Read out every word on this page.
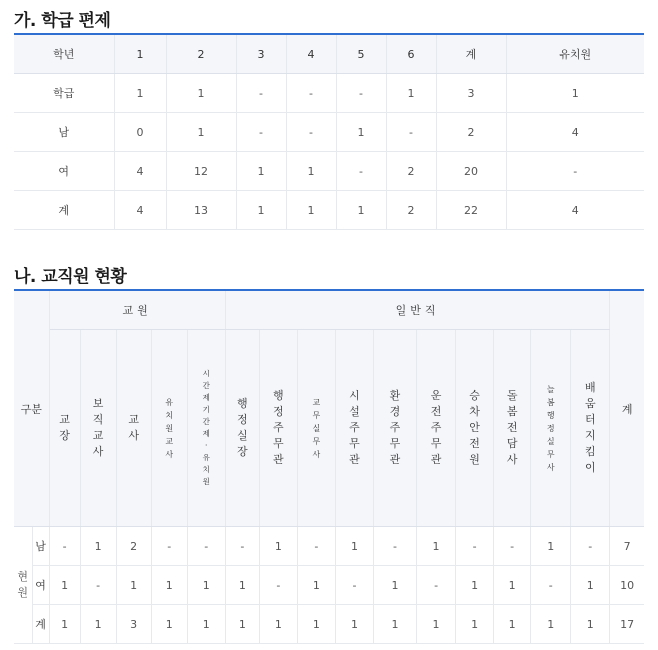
가. 학급 편제
학년	1	2	3	4	5	6	계	유치원
학급	1	1	-	-	-	1	3	1
남	0	1	-	-	1	-	2	4
여	4	12	1	1	-	2	20	-
계	4	13	1	1	1	2	22	4
나. 교직원 현황
구분		교원					일반직										계
		교장	보직교사	교사	유치원교사	시간제기간제·유치원	행정실장	행정주무관	교무실무사	시설주무관	환경주무관	운전주무관	승차안전원	돌봄전담사	늘봄행정실무사	배움터지킴이	
현원	남	-	1	2	-	-	-	1	-	1	-	1	-	-	1	-	7
	여	1	-	1	1	1	1	-	1	-	1	-	1	1	-	1	10
	계	1	1	3	1	1	1	1	1	1	1	1	1	1	1	1	17
